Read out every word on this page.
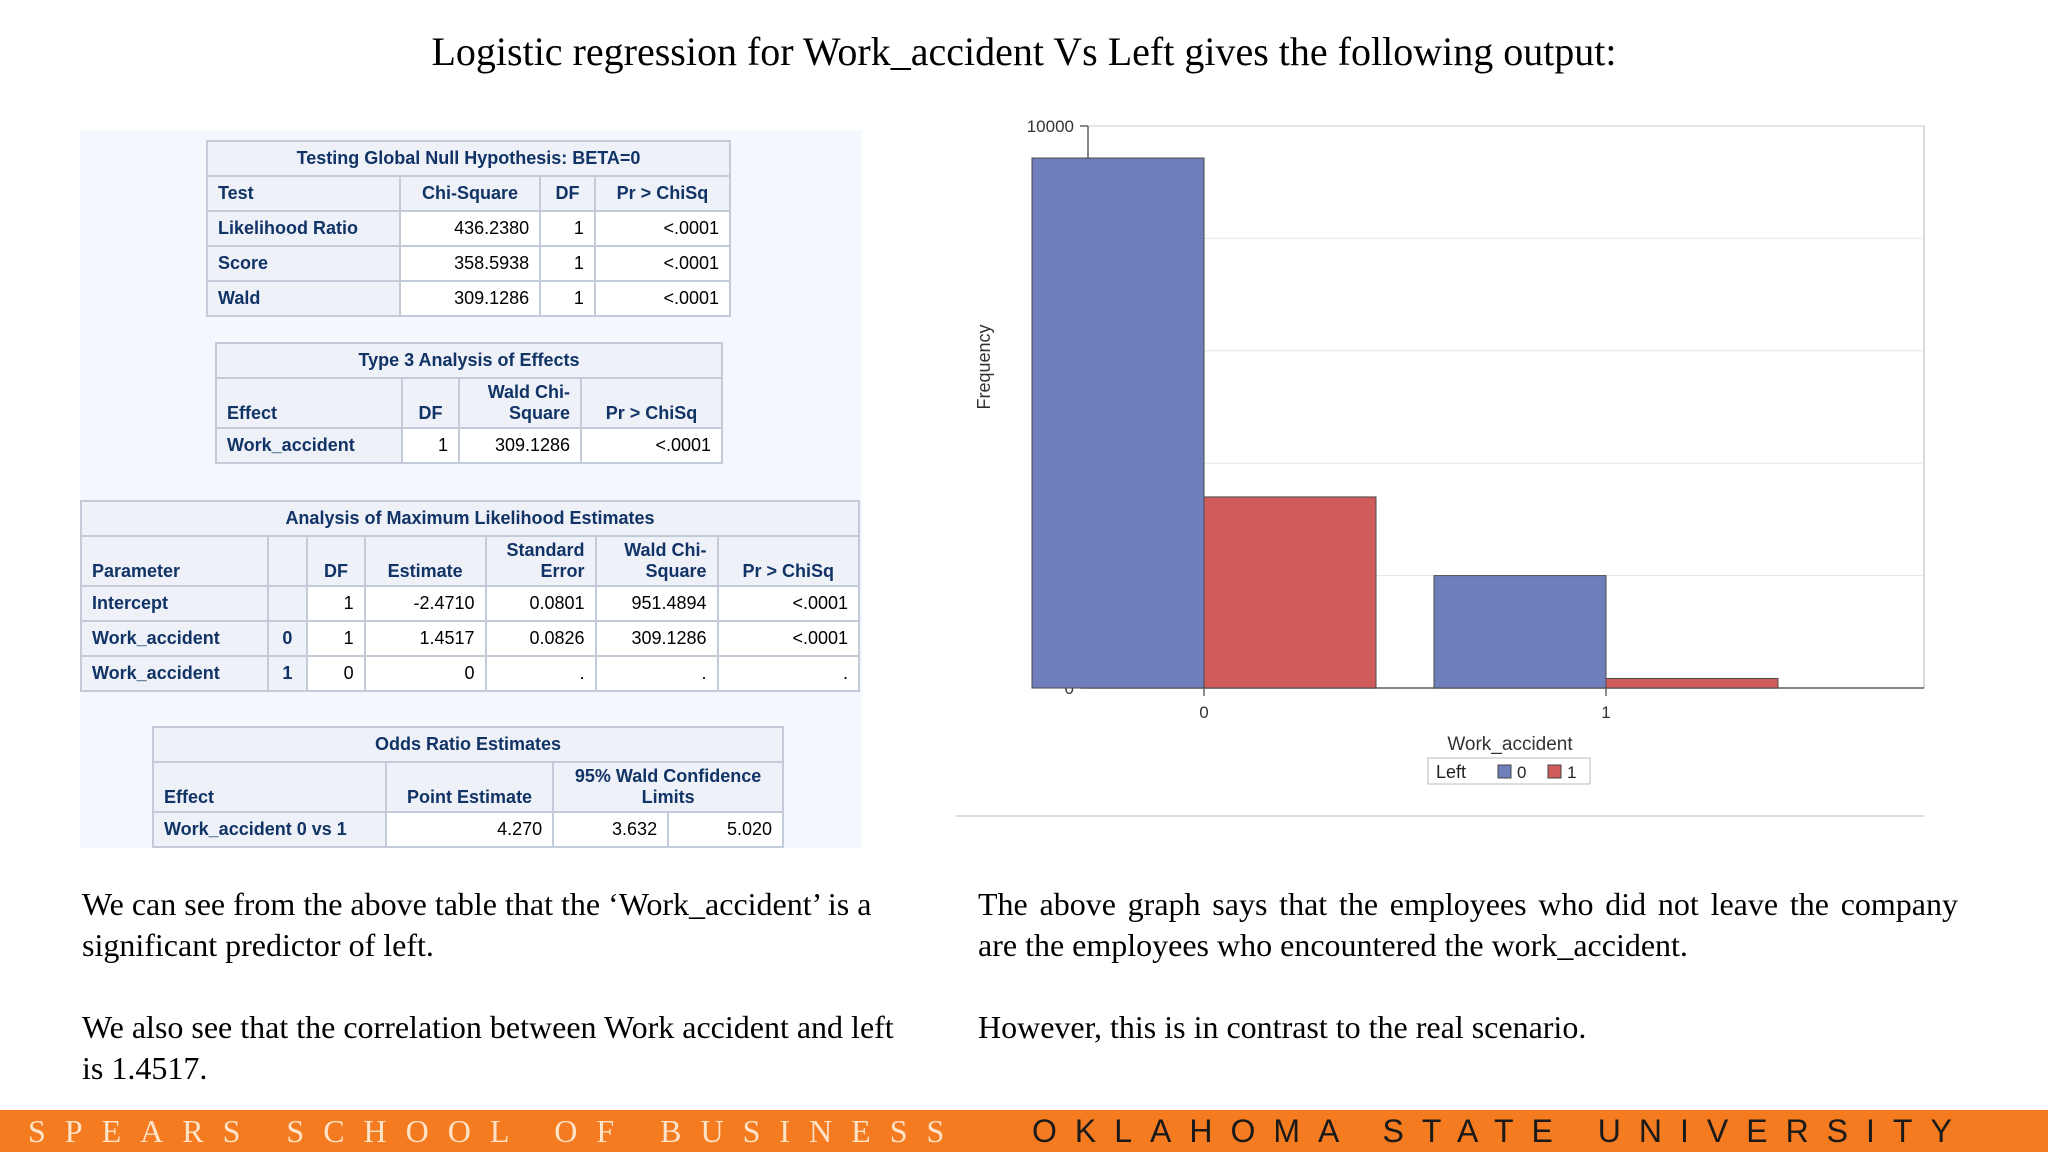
Logistic regression for Work_accident Vs Left gives the following output:
Testing Global Null Hypothesis: BETA=0
Test	Chi-Square	DF	Pr > ChiSq
Likelihood Ratio	436.2380	1	<.0001
Score	358.5938	1	<.0001
Wald	309.1286	1	<.0001
Type 3 Analysis of Effects
Effect	DF	Wald Chi-Square	Pr > ChiSq
Work_accident	1	309.1286	<.0001
Analysis of Maximum Likelihood Estimates
Parameter		DF	Estimate	Standard Error	Wald Chi-Square	Pr > ChiSq
Intercept		1	-2.4710	0.0801	951.4894	<.0001
Work_accident	0	1	1.4517	0.0826	309.1286	<.0001
Work_accident	1	0	0	.	.	.
Odds Ratio Estimates
Effect	Point Estimate	95% Wald Confidence Limits	
Work_accident 0 vs 1	4.270	3.632	5.020
10000
0	1
Work_accident
Frequency
Left	0 1

We can see from the above table that the ‘Work_accident’ is a significant predictor of left.

We also see that the correlation between Work accident and left is 1.4517.

The above graph says that the employees who did not leave the company are the employees who encountered the work_accident.

However, this is in contrast to the real scenario.

SPEARS SCHOOL OF BUSINESS OKLAHOMA STATE UNIVERSITY
